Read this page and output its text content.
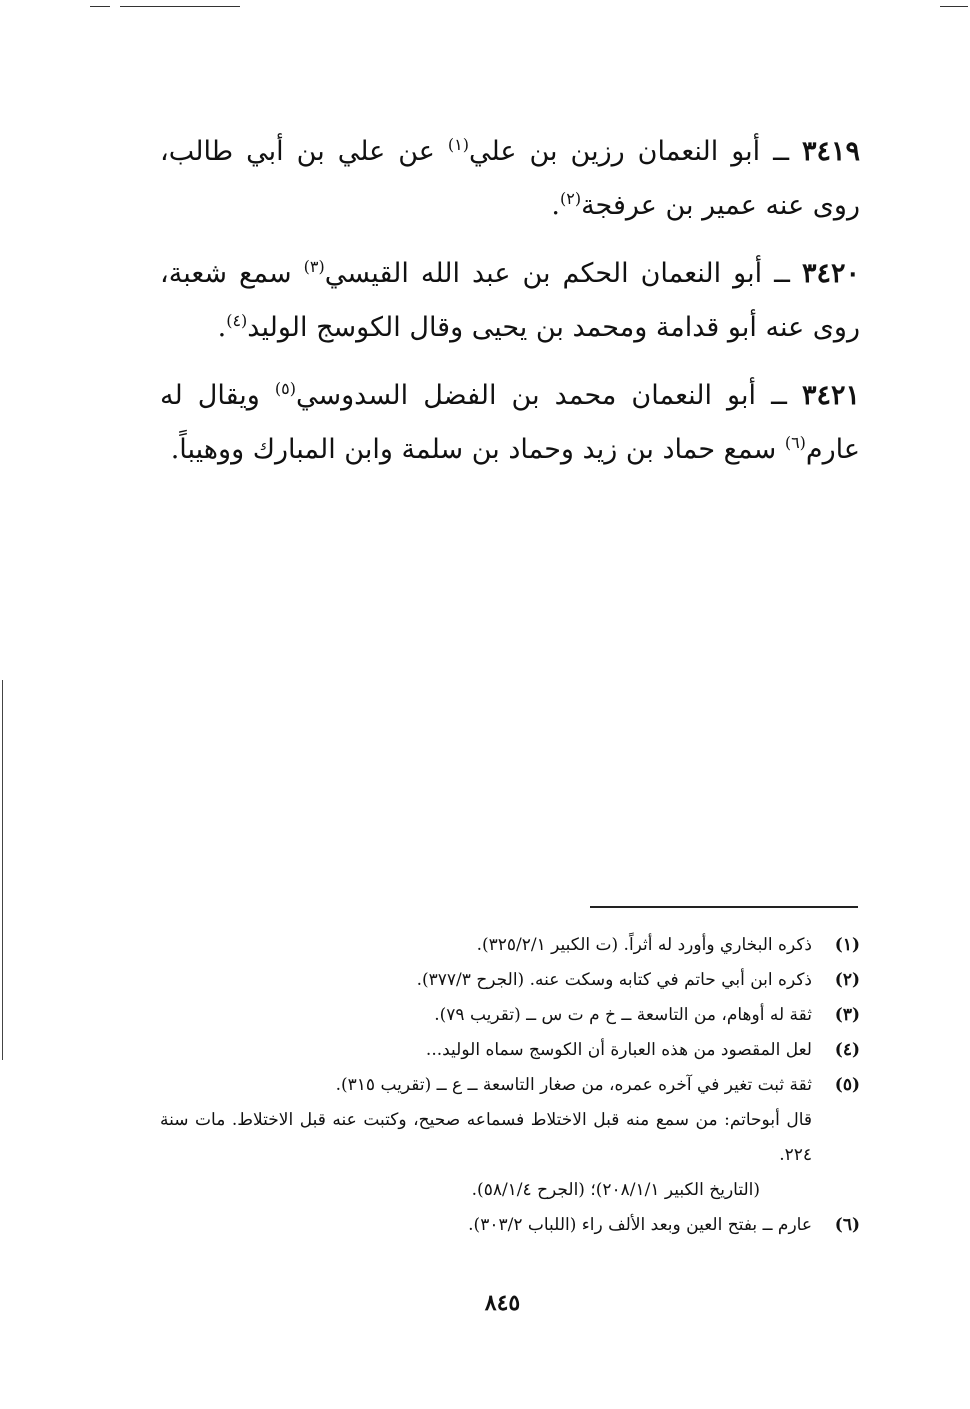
٣٤١٩ ــ أبو النعمان رزين بن علي$^{(١)}$ عن علي بن أبي طالب، روى عنه عمير بن عرفجة$^{(٢)}$.
٣٤٢٠ ــ أبو النعمان الحكم بن عبد الله القيسي$^{(٣)}$ سمع شعبة، روى عنه أبو قدامة ومحمد بن يحيى وقال الكوسج الوليد$^{(٤)}$.
٣٤٢١ ــ أبو النعمان محمد بن الفضل السدوسي$^{(٥)}$ ويقال له عارم$^{(٦)}$ سمع حماد بن زيد وحماد بن سلمة وابن المبارك ووهيباً.
(١)
ذكره البخاري وأورد له أثراً. (ت الكبير ٣٢٥/٢/١).
(٢)
ذكره ابن أبي حاتم في كتابه وسكت عنه. (الجرح ٣٧٧/٣).
(٣)
ثقة له أوهام، من التاسعة ــ خ م ت س ــ (تقريب ٧٩).
(٤)
لعل المقصود من هذه العبارة أن الكوسج سماه الوليد...
(٥)
ثقة ثبت تغير في آخره عمره، من صغار التاسعة ــ ع ــ (تقريب ٣١٥).
قال أبوحاتم: من سمع منه قبل الاختلاط فسماعه صحيح، وكتبت عنه قبل الاختلاط. مات سنة ٢٢٤.
(التاريخ الكبير ٢٠٨/١/١)؛ (الجرح ٥٨/١/٤).
(٦)
عارم ــ بفتح العين وبعد الألف راء (اللباب ٣٠٣/٢).
٨٤٥
